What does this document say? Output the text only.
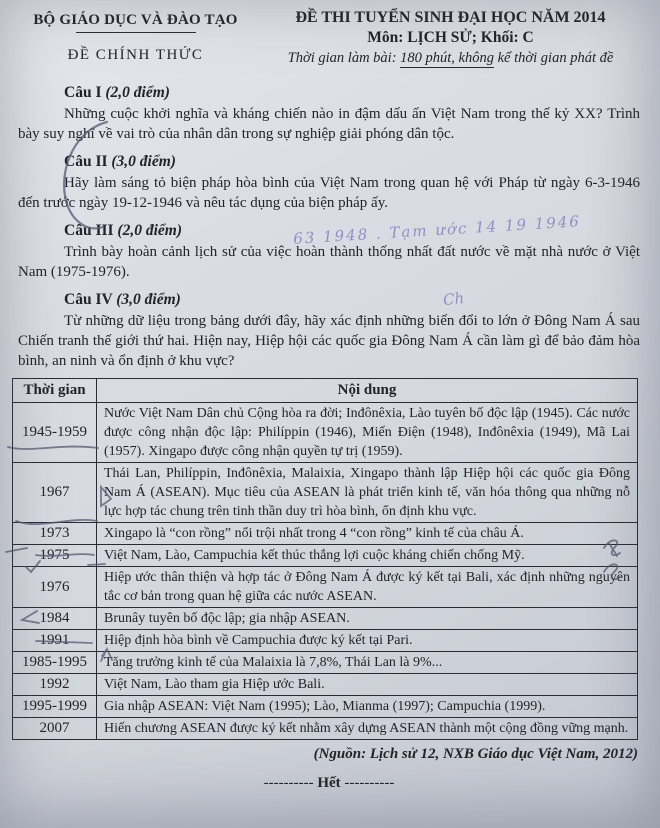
BỘ GIÁO DỤC VÀ ĐÀO TẠO
ĐỀ CHÍNH THỨC
ĐỀ THI TUYỂN SINH ĐẠI HỌC NĂM 2014
Môn: LỊCH SỬ; Khối: C
Thời gian làm bài: 180 phút, không kể thời gian phát đề
Câu I (2,0 điểm)

Những cuộc khởi nghĩa và kháng chiến nào in đậm dấu ấn Việt Nam trong thế kỷ XX? Trình bày suy nghĩ về vai trò của nhân dân trong sự nghiệp giải phóng dân tộc.

Câu II (3,0 điểm)

Hãy làm sáng tỏ biện pháp hòa bình của Việt Nam trong quan hệ với Pháp từ ngày 6-3-1946 đến trước ngày 19-12-1946 và nêu tác dụng của biện pháp ấy.

Câu III (2,0 điểm)

Trình bày hoàn cảnh lịch sử của việc hoàn thành thống nhất đất nước về mặt nhà nước ở Việt Nam (1975-1976).

Câu IV (3,0 điểm)

Từ những dữ liệu trong bảng dưới đây, hãy xác định những biến đổi to lớn ở Đông Nam Á sau Chiến tranh thế giới thứ hai. Hiện nay, Hiệp hội các quốc gia Đông Nam Á cần làm gì để bảo đảm hòa bình, an ninh và ổn định ở khu vực?

Thời gian	Nội dung
1945-1959	Nước Việt Nam Dân chủ Cộng hòa ra đời; Inđônêxia, Lào tuyên bố độc lập (1945). Các nước được công nhận độc lập: Philíppin (1946), Miến Điện (1948), Inđônêxia (1949), Mã Lai (1957). Xingapo được công nhận quyền tự trị (1959).
1967	Thái Lan, Philíppin, Inđônêxia, Malaixia, Xingapo thành lập Hiệp hội các quốc gia Đông Nam Á (ASEAN). Mục tiêu của ASEAN là phát triển kinh tế, văn hóa thông qua những nỗ lực hợp tác chung trên tinh thần duy trì hòa bình, ổn định khu vực.
1973	Xingapo là “con rồng” nổi trội nhất trong 4 “con rồng” kinh tế của châu Á.
1975	Việt Nam, Lào, Campuchia kết thúc thắng lợi cuộc kháng chiến chống Mỹ.
1976	Hiệp ước thân thiện và hợp tác ở Đông Nam Á được ký kết tại Bali, xác định những nguyên tắc cơ bản trong quan hệ giữa các nước ASEAN.
1984	Brunây tuyên bố độc lập; gia nhập ASEAN.
1991	Hiệp định hòa bình về Campuchia được ký kết tại Pari.
1985-1995	Tăng trưởng kinh tế của Malaixia là 7,8%, Thái Lan là 9%...
1992	Việt Nam, Lào tham gia Hiệp ước Bali.
1995-1999	Gia nhập ASEAN: Việt Nam (1995); Lào, Mianma (1997); Campuchia (1999).
2007	Hiến chương ASEAN được ký kết nhằm xây dựng ASEAN thành một cộng đồng vững mạnh.
(Nguồn: Lịch sử 12, NXB Giáo dục Việt Nam, 2012)
---------- Hết ----------
63 1948 . Tạm ước 14 19 1946
Ch
